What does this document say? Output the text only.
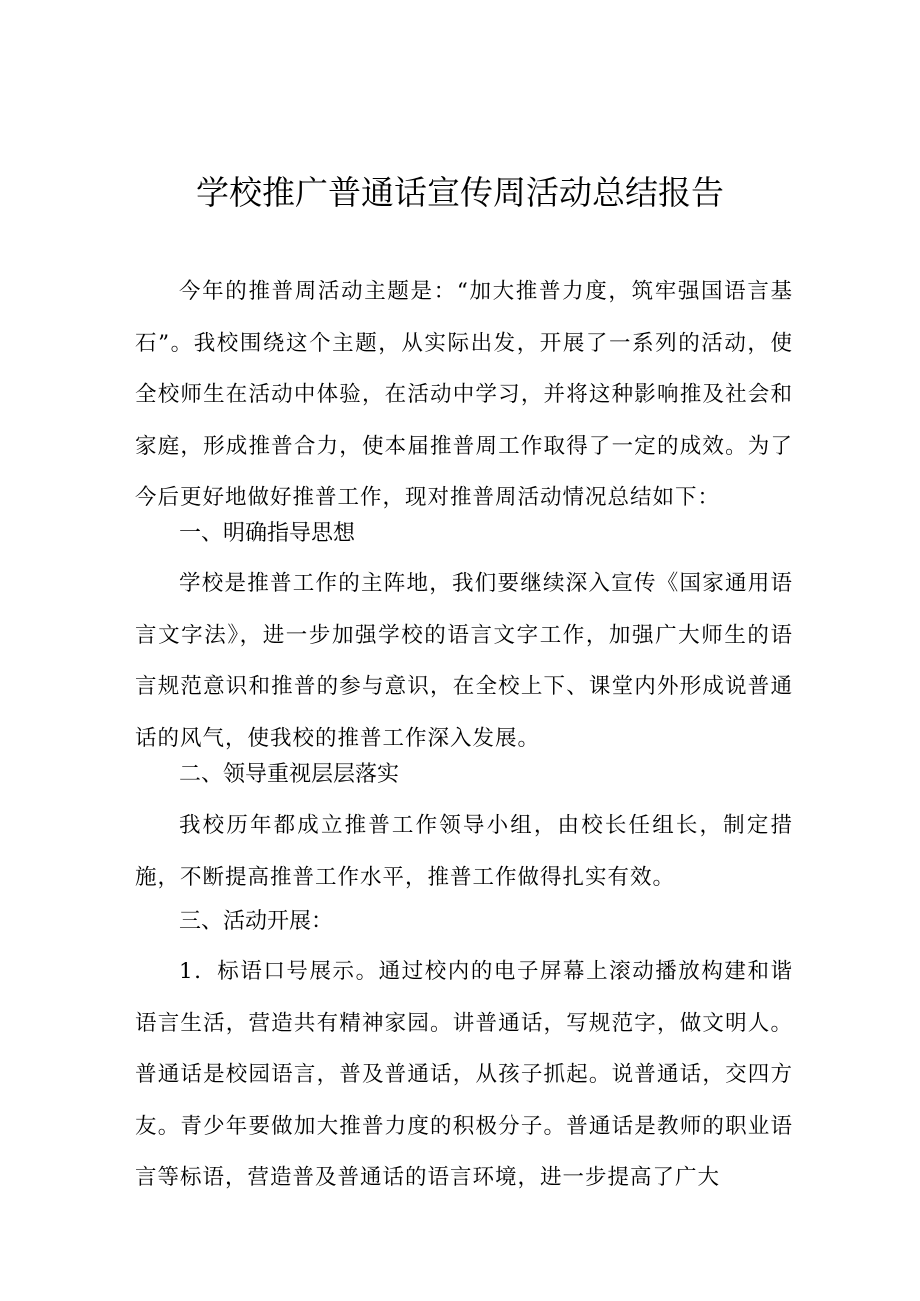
学校推广普通话宣传周活动总结报告

今年的推普周活动主题是：“加大推普力度，筑牢强国语言基石”。我校围绕这个主题，从实际出发，开展了一系列的活动，使全校师生在活动中体验，在活动中学习，并将这种影响推及社会和家庭，形成推普合力，使本届推普周工作取得了一定的成效。为了今后更好地做好推普工作，现对推普周活动情况总结如下：

一、明确指导思想

学校是推普工作的主阵地，我们要继续深入宣传《国家通用语言文字法》，进一步加强学校的语言文字工作，加强广大师生的语言规范意识和推普的参与意识，在全校上下、课堂内外形成说普通话的风气，使我校的推普工作深入发展。

二、领导重视层层落实

我校历年都成立推普工作领导小组，由校长任组长，制定措施，不断提高推普工作水平，推普工作做得扎实有效。

三、活动开展：

1．标语口号展示。通过校内的电子屏幕上滚动播放构建和谐语言生活，营造共有精神家园。讲普通话，写规范字，做文明人。普通话是校园语言，普及普通话，从孩子抓起。说普通话，交四方友。青少年要做加大推普力度的积极分子。普通话是教师的职业语言等标语，营造普及普通话的语言环境，进一步提高了广大
